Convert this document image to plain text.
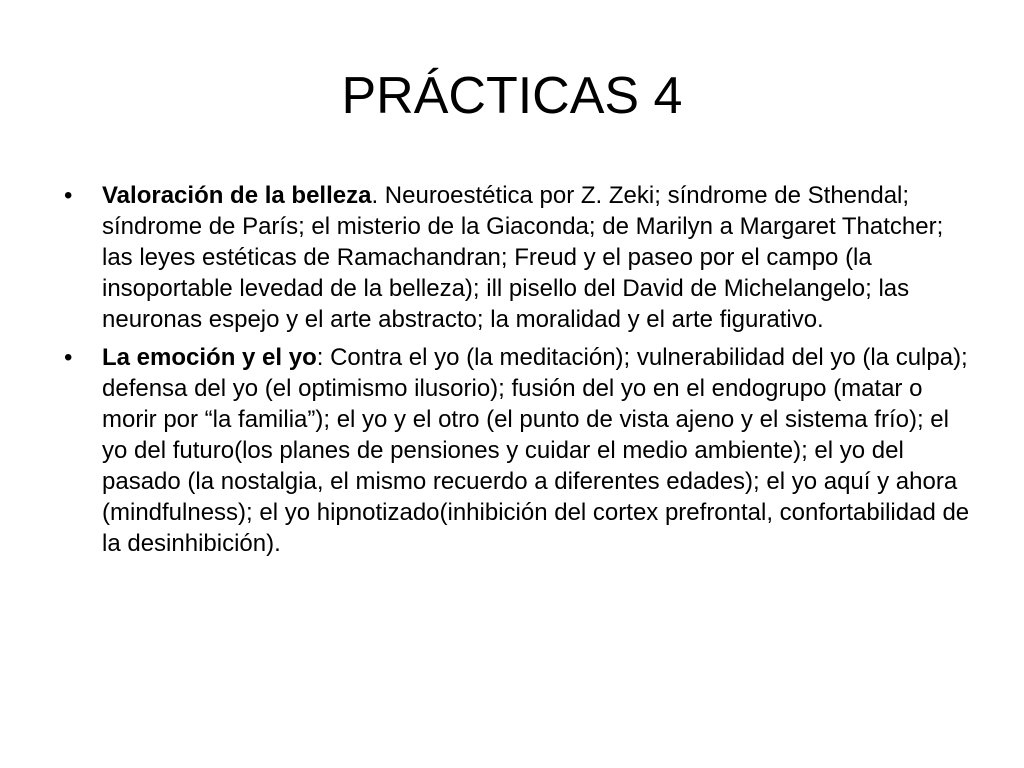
PRÁCTICAS 4
• Valoración de la belleza. Neuroestética por Z. Zeki; síndrome de Sthendal; síndrome de París; el misterio de la Giaconda; de Marilyn a Margaret Thatcher; las leyes estéticas de Ramachandran; Freud y el paseo por el campo (la insoportable levedad de la belleza); ill pisello del David de Michelangelo; las neuronas espejo y el arte abstracto; la moralidad y el arte figurativo.
• La emoción y el yo: Contra el yo (la meditación); vulnerabilidad del yo (la culpa); defensa del yo (el optimismo ilusorio); fusión del yo en el endogrupo (matar o morir por “la familia”); el yo y el otro (el punto de vista ajeno y el sistema frío); el yo del futuro(los planes de pensiones y cuidar el medio ambiente); el yo del pasado (la nostalgia, el mismo recuerdo a diferentes edades); el yo aquí y ahora (mindfulness); el yo hipnotizado(inhibición del cortex prefrontal, confortabilidad de la desinhibición).
